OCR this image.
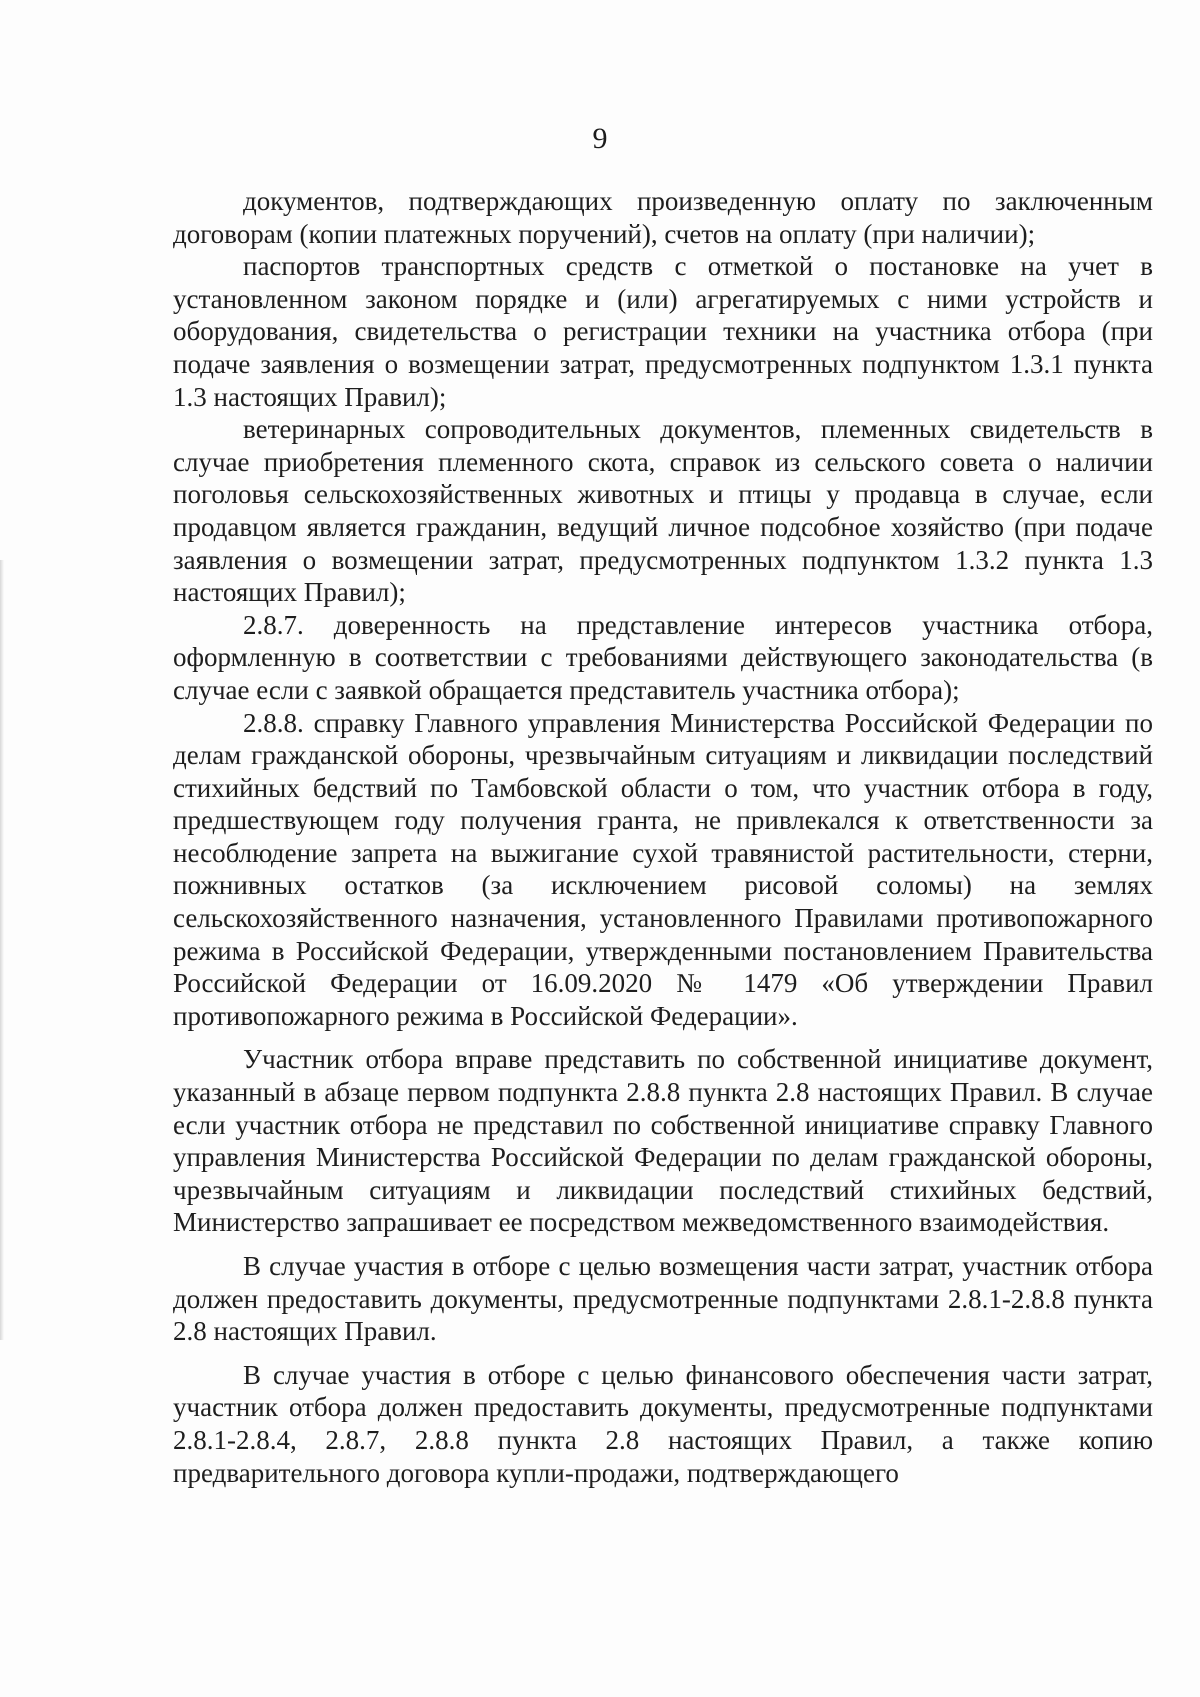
9

документов, подтверждающих произведенную оплату по заключенным договорам (копии платежных поручений), счетов на оплату (при наличии);

паспортов транспортных средств с отметкой о постановке на учет в установленном законом порядке и (или) агрегатируемых с ними устройств и оборудования, свидетельства о регистрации техники на участника отбора (при подаче заявления о возмещении затрат, предусмотренных подпунктом 1.3.1 пункта 1.3 настоящих Правил);

ветеринарных сопроводительных документов, племенных свидетельств в случае приобретения племенного скота, справок из сельского совета о наличии поголовья сельскохозяйственных животных и птицы у продавца в случае, если продавцом является гражданин, ведущий личное подсобное хозяйство (при подаче заявления о возмещении затрат, предусмотренных подпунктом 1.3.2 пункта 1.3 настоящих Правил);

2.8.7. доверенность на представление интересов участника отбора, оформленную в соответствии с требованиями действующего законодательства (в случае если с заявкой обращается представитель участника отбора);

2.8.8. справку Главного управления Министерства Российской Федерации по делам гражданской обороны, чрезвычайным ситуациям и ликвидации последствий стихийных бедствий по Тамбовской области о том, что участник отбора в году, предшествующем году получения гранта, не привлекался к ответственности за несоблюдение запрета на выжигание сухой травянистой растительности, стерни, пожнивных остатков (за исключением рисовой соломы) на землях сельскохозяйственного назначения, установленного Правилами противопожарного режима в Российской Федерации, утвержденными постановлением Правительства Российской Федерации от 16.09.2020 № 1479 «Об утверждении Правил противопожарного режима в Российской Федерации».

Участник отбора вправе представить по собственной инициативе документ, указанный в абзаце первом подпункта 2.8.8 пункта 2.8 настоящих Правил. В случае если участник отбора не представил по собственной инициативе справку Главного управления Министерства Российской Федерации по делам гражданской обороны, чрезвычайным ситуациям и ликвидации последствий стихийных бедствий, Министерство запрашивает ее посредством межведомственного взаимодействия.

В случае участия в отборе с целью возмещения части затрат, участник отбора должен предоставить документы, предусмотренные подпунктами 2.8.1-2.8.8 пункта 2.8 настоящих Правил.

В случае участия в отборе с целью финансового обеспечения части затрат, участник отбора должен предоставить документы, предусмотренные подпунктами 2.8.1-2.8.4, 2.8.7, 2.8.8 пункта 2.8 настоящих Правил, а также копию предварительного договора купли-продажи, подтверждающего
